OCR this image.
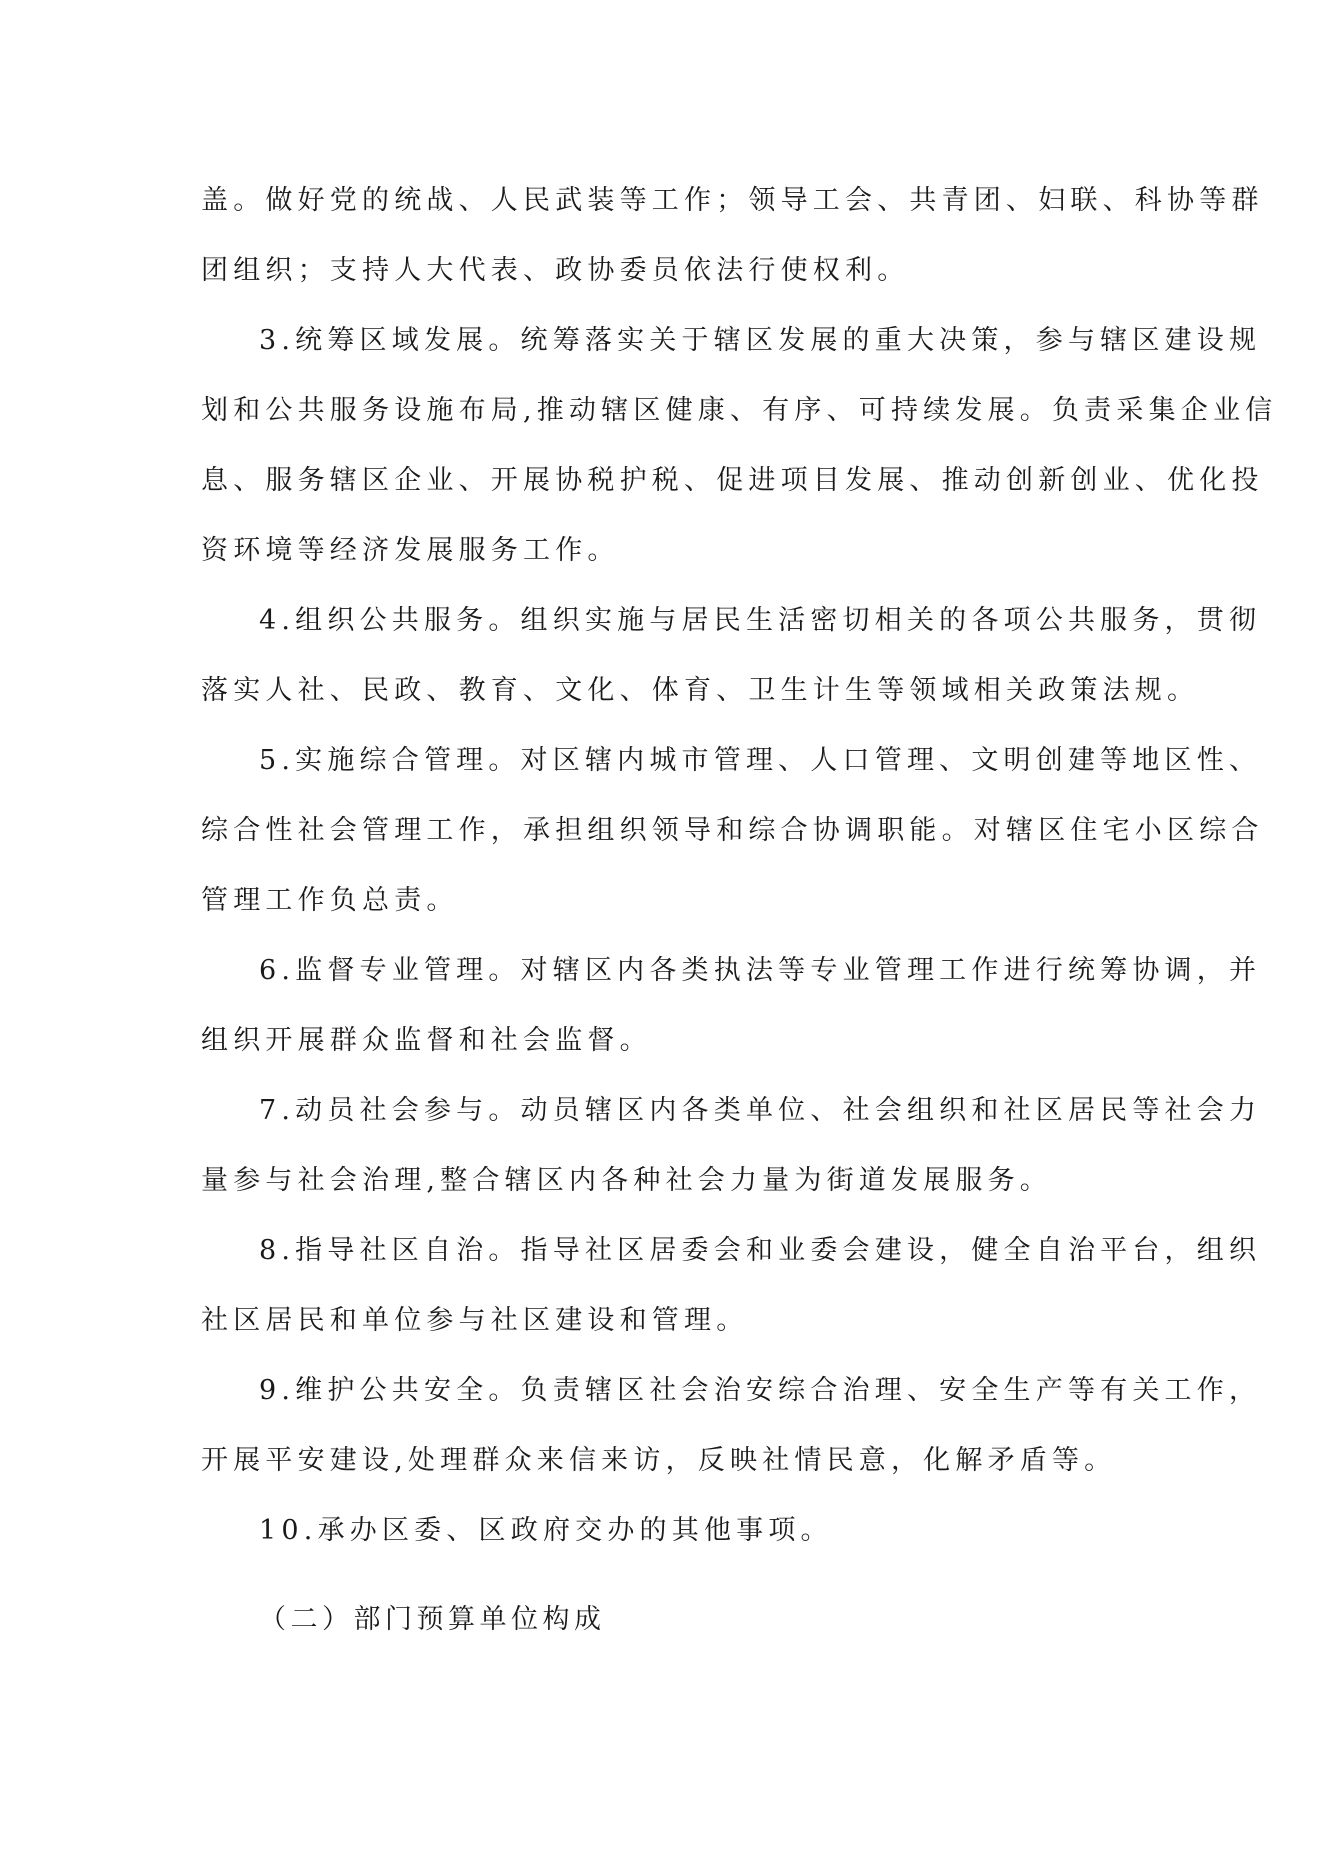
盖。做好党的统战、人民武装等工作；领导工会、共青团、妇联、科协等群
团组织；支持人大代表、政协委员依法行使权利。
3.统筹区域发展。统筹落实关于辖区发展的重大决策，参与辖区建设规
划和公共服务设施布局,推动辖区健康、有序、可持续发展。负责采集企业信
息、服务辖区企业、开展协税护税、促进项目发展、推动创新创业、优化投
资环境等经济发展服务工作。
4.组织公共服务。组织实施与居民生活密切相关的各项公共服务，贯彻
落实人社、民政、教育、文化、体育、卫生计生等领域相关政策法规。
5.实施综合管理。对区辖内城市管理、人口管理、文明创建等地区性、
综合性社会管理工作，承担组织领导和综合协调职能。对辖区住宅小区综合
管理工作负总责。
6.监督专业管理。对辖区内各类执法等专业管理工作进行统筹协调，并
组织开展群众监督和社会监督。
7.动员社会参与。动员辖区内各类单位、社会组织和社区居民等社会力
量参与社会治理,整合辖区内各种社会力量为街道发展服务。
8.指导社区自治。指导社区居委会和业委会建设，健全自治平台，组织
社区居民和单位参与社区建设和管理。
9.维护公共安全。负责辖区社会治安综合治理、安全生产等有关工作，
开展平安建设,处理群众来信来访，反映社情民意，化解矛盾等。
10.承办区委、区政府交办的其他事项。
（二）部门预算单位构成
